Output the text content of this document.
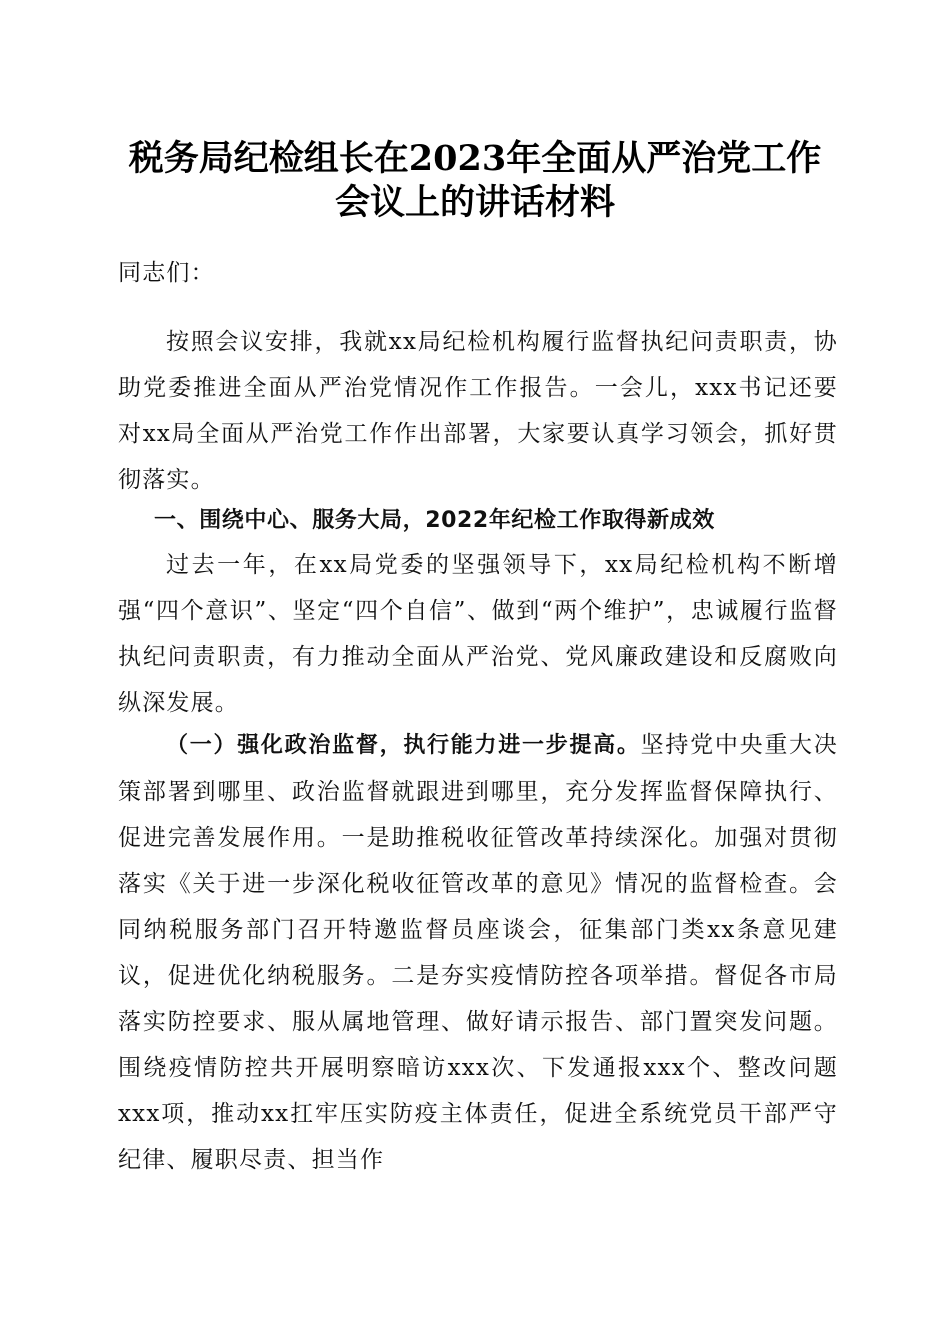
税务局纪检组长在2023年全面从严治党工作
会议上的讲话材料
同志们：
按照会议安排，我就xx局纪检机构履行监督执纪问责职责，协助党委推进全面从严治党情况作工作报告。一会儿，xxx书记还要对xx局全面从严治党工作作出部署，大家要认真学习领会，抓好贯彻落实。
一、围绕中心、服务大局，2022年纪检工作取得新成效
过去一年，在xx局党委的坚强领导下，xx局纪检机构不断增强“四个意识”、坚定“四个自信”、做到“两个维护”，忠诚履行监督执纪问责职责，有力推动全面从严治党、党风廉政建设和反腐败向纵深发展。
（一）强化政治监督，执行能力进一步提高。坚持党中央重大决策部署到哪里、政治监督就跟进到哪里，充分发挥监督保障执行、促进完善发展作用。一是助推税收征管改革持续深化。加强对贯彻落实《关于进一步深化税收征管改革的意见》情况的监督检查。会同纳税服务部门召开特邀监督员座谈会，征集部门类xx条意见建议，促进优化纳税服务。二是夯实疫情防控各项举措。督促各市局落实防控要求、服从属地管理、做好请示报告、部门置突发问题。围绕疫情防控共开展明察暗访xxx次、下发通报xxx个、整改问题xxx项，推动xx扛牢压实防疫主体责任，促进全系统党员干部严守纪律、履职尽责、担当作
